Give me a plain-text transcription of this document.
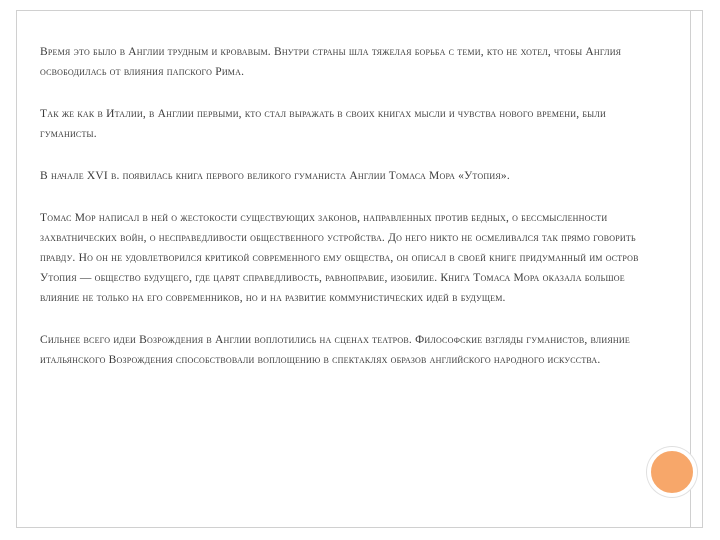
Время это было в Англии трудным и кровавым. Внутри страны шла тяжелая борьба с теми, кто не хотел, чтобы Англия освободилась от влияния папского Рима.

Так же как в Италии, в Англии первыми, кто стал выражать в своих книгах мысли и чувства нового времени, были гуманисты.

В начале XVI в. появилась книга первого великого гуманиста Англии Томаса Мора «Утопия».

Томас Мор написал в ней о жестокости существующих законов, направленных против бедных, о бессмысленности захватнических войн, о несправедливости общественного устройства. До него никто не осмеливался так прямо говорить правду. Но он не удовлетворился критикой современного ему общества, он описал в своей книге придуманный им остров Утопия — общество будущего, где царят справедливость, равноправие, изобилие. Книга Томаса Мора оказала большое влияние не только на его современников, но и на развитие коммунистических идей в будущем.

Сильнее всего идеи Возрождения в Англии воплотились на сценах театров. Философские взгляды гуманистов, влияние итальянского Возрождения способствовали воплощению в спектаклях образов английского народного искусства.
